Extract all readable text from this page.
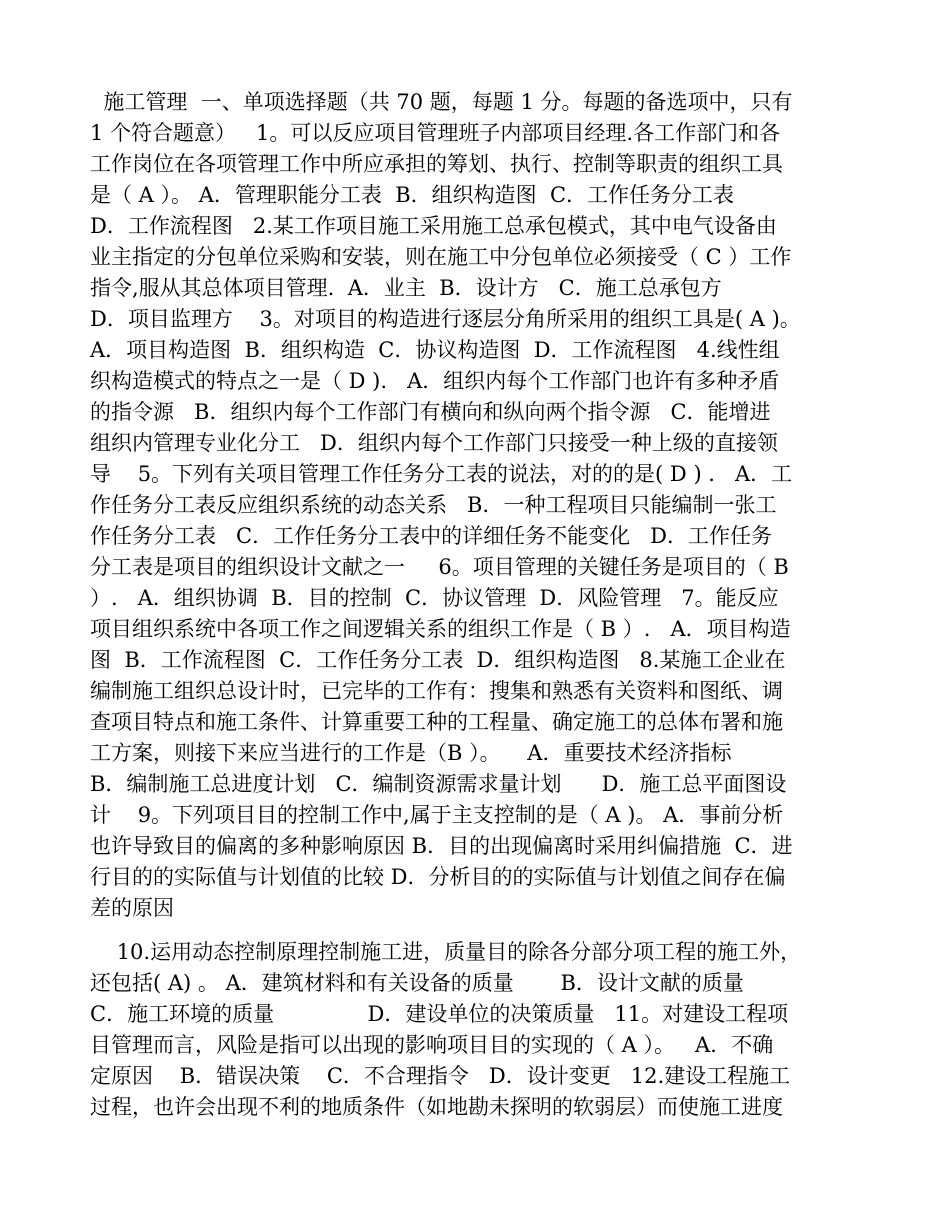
施工管理  一、单项选择题（共 70 题，每题 1 分。每题的备选项中，只有
1 个符合题意）   1。可以反应项目管理班子内部项目经理.各工作部门和各
工作岗位在各项管理工作中所应承担的筹划、执行、控制等职责的组织工具
是（ A ）。 A．管理职能分工表  B．组织构造图  C．工作任务分工表
D．工作流程图   2.某工作项目施工采用施工总承包模式，其中电气设备由
业主指定的分包单位采购和安装，则在施工中分包单位必须接受（ C ）工作
指令,服从其总体项目管理.  A．业主  B．设计方   C．施工总承包方
D．项目监理方    3。对项目的构造进行逐层分角所采用的组织工具是( A )。
A．项目构造图  B．组织构造  C．协议构造图  D．工作流程图   4.线性组
织构造模式的特点之一是（ D ).   A．组织内每个工作部门也许有多种矛盾
的指令源   B．组织内每个工作部门有横向和纵向两个指令源   C．能增进
组织内管理专业化分工   D．组织内每个工作部门只接受一种上级的直接领
导    5。下列有关项目管理工作任务分工表的说法，对的的是( D ) .   A．工
作任务分工表反应组织系统的动态关系   B．一种工程项目只能编制一张工
作任务分工表   C．工作任务分工表中的详细任务不能变化   D．工作任务
分工表是项目的组织设计文献之一     6。项目管理的关键任务是项目的（ B
）.   A．组织协调  B．目的控制  C．协议管理  D．风险管理   7。能反应
项目组织系统中各项工作之间逻辑关系的组织工作是（ B ）.   A．项目构造
图  B．工作流程图  C．工作任务分工表  D．组织构造图   8.某施工企业在
编制施工组织总设计时，已完毕的工作有：搜集和熟悉有关资料和图纸、调
查项目特点和施工条件、计算重要工种的工程量、确定施工的总体布署和施
工方案，则接下来应当进行的工作是（B ）。    A．重要技术经济指标
B．编制施工总进度计划   C．编制资源需求量计划      D．施工总平面图设
计    9。下列项目目的控制工作中,属于主支控制的是（ A )。 A．事前分析
也许导致目的偏离的多种影响原因 B．目的出现偏离时采用纠偏措施  C．进
行目的的实际值与计划值的比较 D．分析目的的实际值与计划值之间存在偏
差的原因
10.运用动态控制原理控制施工进，质量目的除各分部分项工程的施工外，
还包括( A) 。 A．建筑材料和有关设备的质量       B．设计文献的质量
C．施工环境的质量              D．建设单位的决策质量   11。对建设工程项
目管理而言，风险是指可以出现的影响项目目的实现的（ A ）。   A．不确
定原因    B．错误决策    C．不合理指令   D．设计变更   12.建设工程施工
过程，也许会出现不利的地质条件（如地勘未探明的软弱层）而使施工进度
